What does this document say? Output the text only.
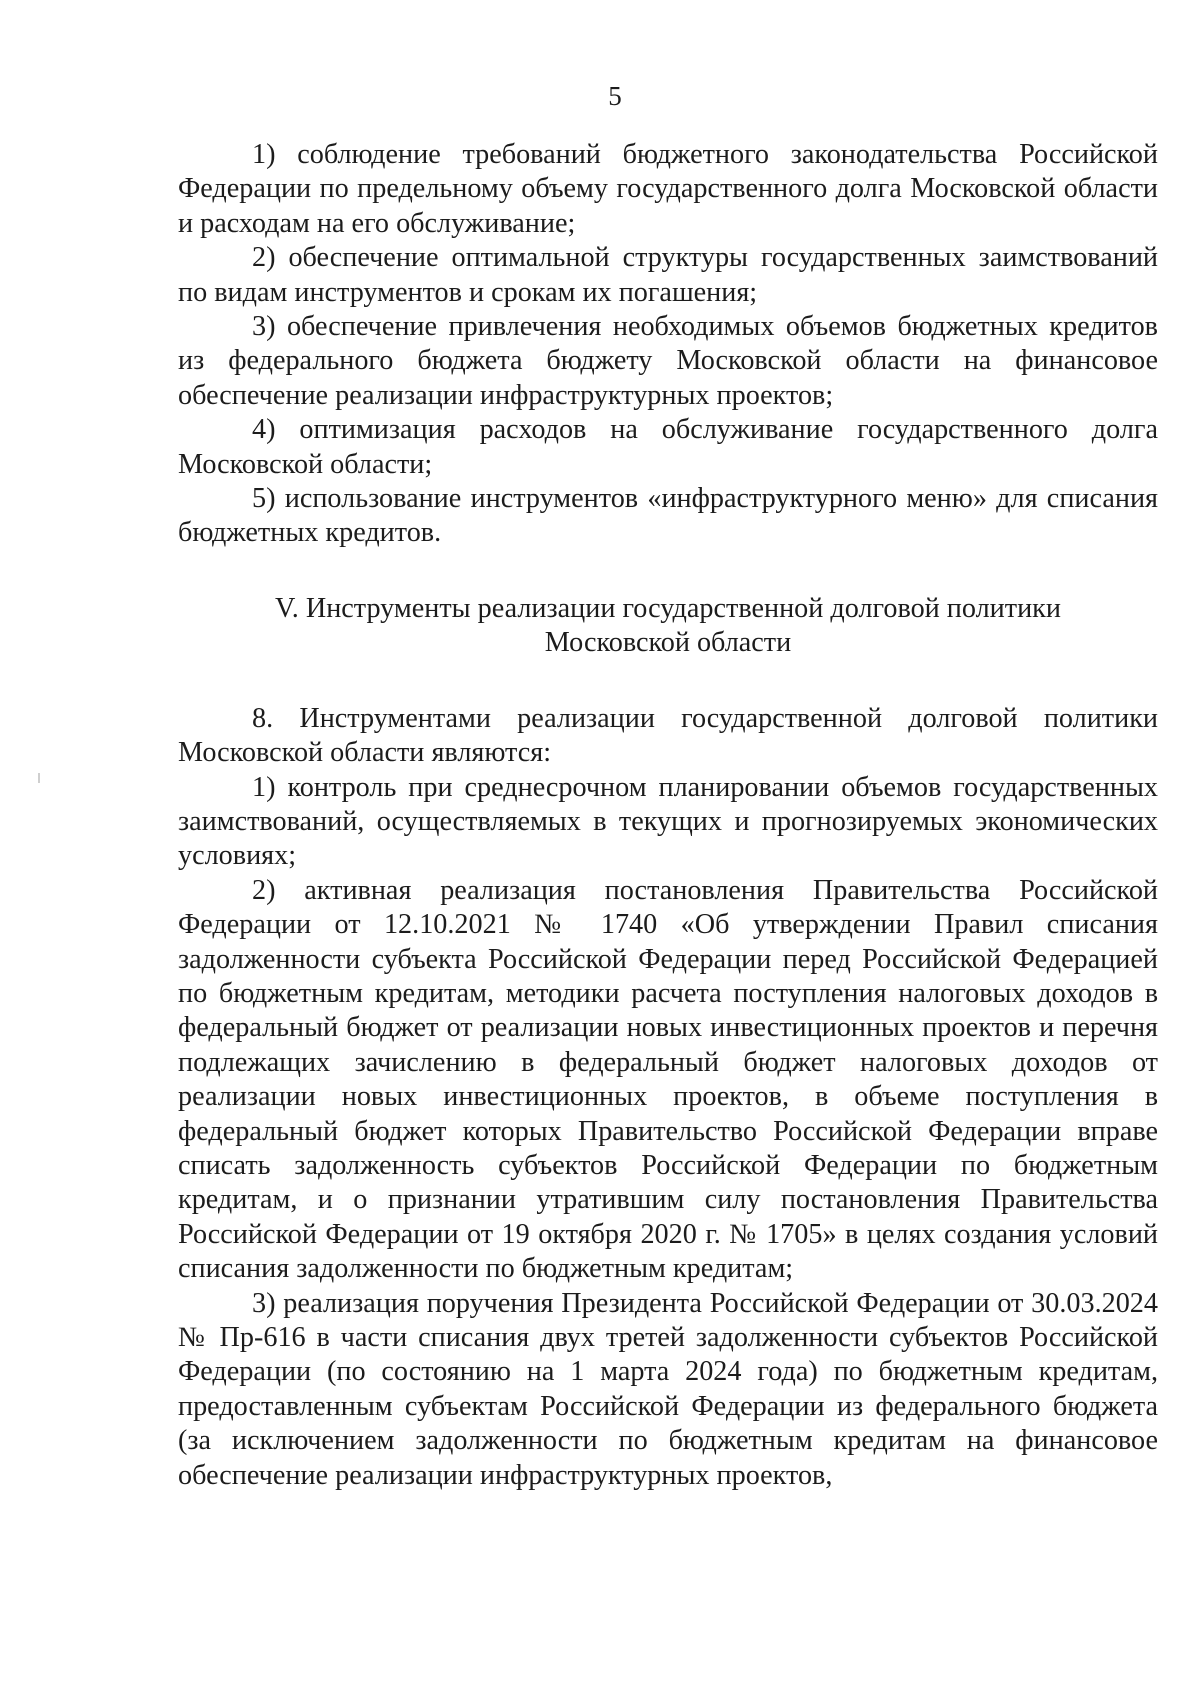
5

1) соблюдение требований бюджетного законодательства Российской Федерации по предельному объему государственного долга Московской области и расходам на его обслуживание;

2) обеспечение оптимальной структуры государственных заимствований по видам инструментов и срокам их погашения;

3) обеспечение привлечения необходимых объемов бюджетных кредитов из федерального бюджета бюджету Московской области на финансовое обеспечение реализации инфраструктурных проектов;

4) оптимизация расходов на обслуживание государственного долга Московской области;

5) использование инструментов «инфраструктурного меню» для списания бюджетных кредитов.

V. Инструменты реализации государственной долговой политики
Московской области

8. Инструментами реализации государственной долговой политики Московской области являются:

1) контроль при среднесрочном планировании объемов государственных заимствований, осуществляемых в текущих и прогнозируемых экономических условиях;

2) активная реализация постановления Правительства Российской Федерации от 12.10.2021 № 1740 «Об утверждении Правил списания задолженности субъекта Российской Федерации перед Российской Федерацией по бюджетным кредитам, методики расчета поступления налоговых доходов в федеральный бюджет от реализации новых инвестиционных проектов и перечня подлежащих зачислению в федеральный бюджет налоговых доходов от реализации новых инвестиционных проектов, в объеме поступления в федеральный бюджет которых Правительство Российской Федерации вправе списать задолженность субъектов Российской Федерации по бюджетным кредитам, и о признании утратившим силу постановления Правительства Российской Федерации от 19 октября 2020 г. № 1705» в целях создания условий списания задолженности по бюджетным кредитам;

3) реализация поручения Президента Российской Федерации от 30.03.2024 № Пр-616 в части списания двух третей задолженности субъектов Российской Федерации (по состоянию на 1 марта 2024 года) по бюджетным кредитам, предоставленным субъектам Российской Федерации из федерального бюджета (за исключением задолженности по бюджетным кредитам на финансовое обеспечение реализации инфраструктурных проектов,
